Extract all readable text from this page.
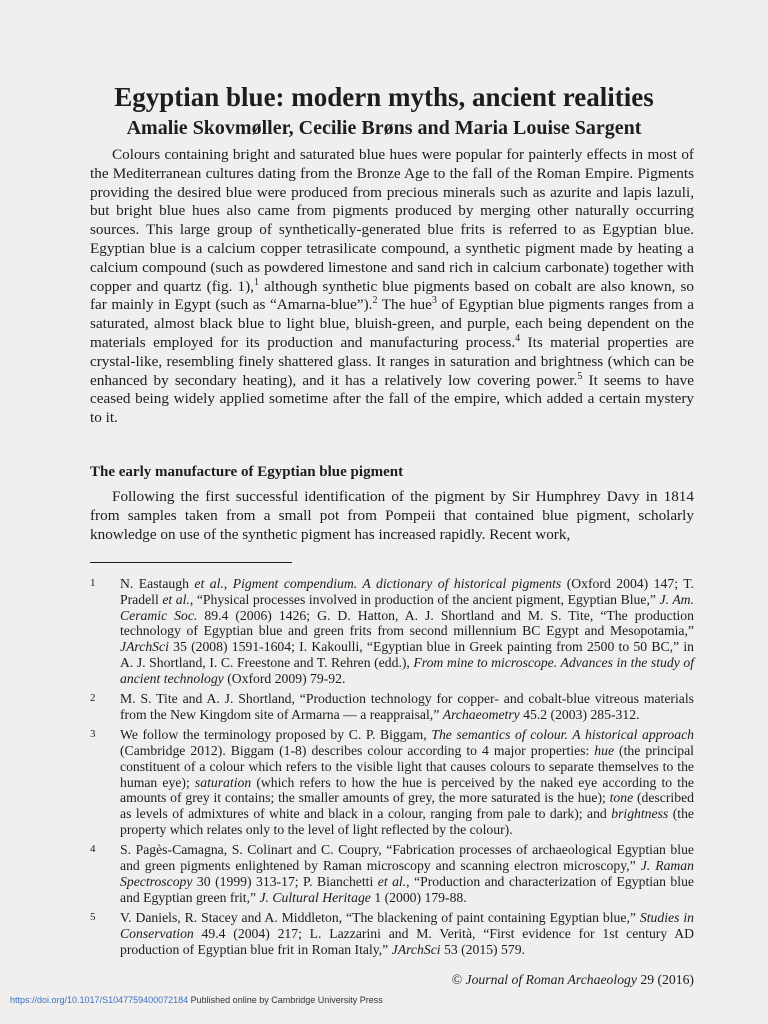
Egyptian blue: modern myths, ancient realities
Amalie Skovmøller, Cecilie Brøns and Maria Louise Sargent

Colours containing bright and saturated blue hues were popular for painterly effects in most of the Mediterranean cultures dating from the Bronze Age to the fall of the Roman Empire. Pigments providing the desired blue were produced from precious minerals such as azurite and lapis lazuli, but bright blue hues also came from pigments produced by merging other naturally occurring sources. This large group of synthetically-generated blue frits is referred to as Egyptian blue. Egyptian blue is a calcium copper tetrasilicate compound, a synthetic pigment made by heating a calcium compound (such as powdered limestone and sand rich in calcium carbonate) together with copper and quartz (fig. 1),$^1$ although synthetic blue pigments based on cobalt are also known, so far mainly in Egypt (such as “Amarna-blue”).$^2$ The hue$^3$ of Egyptian blue pigments ranges from a saturated, almost black blue to light blue, bluish-green, and purple, each being dependent on the materials employed for its production and manufacturing process.$^4$ Its material properties are crystal-like, resembling finely shattered glass. It ranges in saturation and brightness (which can be enhanced by secondary heating), and it has a relatively low covering power.$^5$ It seems to have ceased being widely applied sometime after the fall of the empire, which added a certain mystery to it.

The early manufacture of Egyptian blue pigment

Following the first successful identification of the pigment by Sir Humphrey Davy in 1814 from samples taken from a small pot from Pompeii that contained blue pigment, scholarly knowledge on use of the synthetic pigment has increased rapidly. Recent work,

1 N. Eastaugh et al., Pigment compendium. A dictionary of historical pigments (Oxford 2004) 147; T. Pradell et al., “Physical processes involved in production of the ancient pigment, Egyptian Blue,” J. Am. Ceramic Soc. 89.4 (2006) 1426; G. D. Hatton, A. J. Shortland and M. S. Tite, “The production technology of Egyptian blue and green frits from second millennium BC Egypt and Mesopotamia,” JArchSci 35 (2008) 1591-1604; I. Kakoulli, “Egyptian blue in Greek painting from 2500 to 50 BC,” in A. J. Shortland, I. C. Freestone and T. Rehren (edd.), From mine to microscope. Advances in the study of ancient technology (Oxford 2009) 79-92.
2 M. S. Tite and A. J. Shortland, “Production technology for copper- and cobalt-blue vitreous materials from the New Kingdom site of Armarna — a reappraisal,” Archaeometry 45.2 (2003) 285-312.
3 We follow the terminology proposed by C. P. Biggam, The semantics of colour. A historical approach (Cambridge 2012). Biggam (1-8) describes colour according to 4 major properties: hue (the principal constituent of a colour which refers to the visible light that causes colours to separate themselves to the human eye); saturation (which refers to how the hue is perceived by the naked eye according to the amounts of grey it contains; the smaller amounts of grey, the more saturated is the hue); tone (described as levels of admixtures of white and black in a colour, ranging from pale to dark); and brightness (the property which relates only to the level of light reflected by the colour).
4 S. Pagès-Camagna, S. Colinart and C. Coupry, “Fabrication processes of archaeological Egyptian blue and green pigments enlightened by Raman microscopy and scanning electron microscopy,” J. Raman Spectroscopy 30 (1999) 313-17; P. Bianchetti et al., “Production and characterization of Egyptian blue and Egyptian green frit,” J. Cultural Heritage 1 (2000) 179-88.
5 V. Daniels, R. Stacey and A. Middleton, “The blackening of paint containing Egyptian blue,” Studies in Conservation 49.4 (2004) 217; L. Lazzarini and M. Verità, “First evidence for 1st century AD production of Egyptian blue frit in Roman Italy,” JArchSci 53 (2015) 579.
© Journal of Roman Archaeology 29 (2016)
https://doi.org/10.1017/S1047759400072184 Published online by Cambridge University Press
